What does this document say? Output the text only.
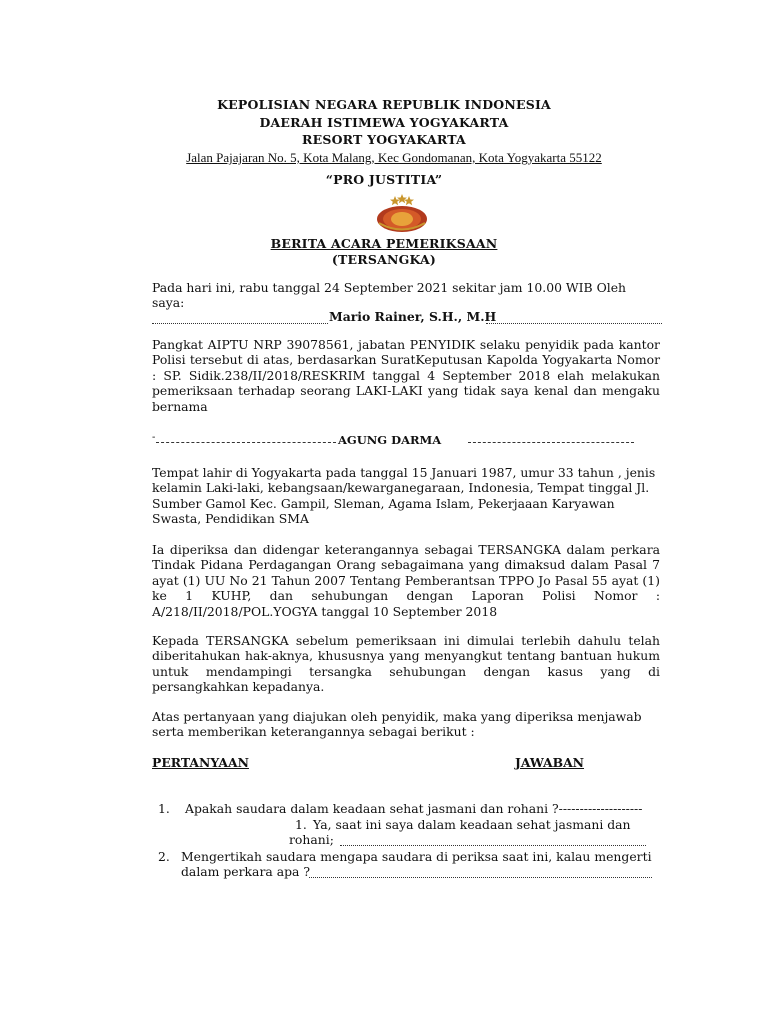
KEPOLISIAN NEGARA REPUBLIK INDONESIA
DAERAH ISTIMEWA YOGYAKARTA
RESORT YOGYAKARTA
Jalan Pajajaran No. 5, Kota Malang, Kec Gondomanan, Kota Yogyakarta 55122
“PRO JUSTITIA”
BERITA ACARA PEMERIKSAAN
(TERSANGKA)
Pada hari ini, rabu tanggal 24 September 2021 sekitar jam 10.00 WIB Oleh saya:
Mario Rainer, S.H., M.H
Pangkat AIPTU NRP 39078561, jabatan PENYIDIK selaku penyidik pada kantor Polisi tersebut di atas, berdasarkan SuratKeputusan Kapolda Yogyakarta Nomor : SP. Sidik.238/II/2018/RESKRIM tanggal 4 September 2018 elah melakukan pemeriksaan terhadap seorang LAKI-LAKI yang tidak saya kenal dan mengaku bernama
-	AGUNG DARMA
Tempat lahir di Yogyakarta pada tanggal 15 Januari 1987, umur 33 tahun , jenis kelamin Laki-laki, kebangsaan/kewarganegaraan, Indonesia, Tempat tinggal Jl. Sumber Gamol Kec. Gampil, Sleman, Agama Islam, Pekerjaaan Karyawan Swasta, Pendidikan SMA
Ia diperiksa dan didengar keterangannya sebagai TERSANGKA dalam perkara Tindak Pidana Perdagangan Orang sebagaimana yang dimaksud dalam Pasal 7 ayat (1) UU No 21 Tahun 2007 Tentang Pemberantsan TPPO Jo Pasal 55 ayat (1) ke 1 KUHP, dan sehubungan dengan Laporan Polisi Nomor : A/218/II/2018/POL.YOGYA tanggal 10 September 2018
Kepada TERSANGKA sebelum pemeriksaan ini dimulai terlebih dahulu telah diberitahukan hak-aknya, khususnya yang menyangkut tentang bantuan hukum untuk mendampingi tersangka sehubungan dengan kasus yang di persangkahkan kepadanya.
Atas pertanyaan yang diajukan oleh penyidik, maka yang diperiksa menjawab serta memberikan keterangannya sebagai berikut :
PERTANYAAN	JAWABAN
1. Apakah saudara dalam keadaan sehat jasmani dan rohani ?--------------------
1. Ya, saat ini saya dalam keadaan sehat jasmani dan
rohani;
2. Mengertikah saudara mengapa saudara di periksa saat ini, kalau mengerti
dalam perkara apa ?
